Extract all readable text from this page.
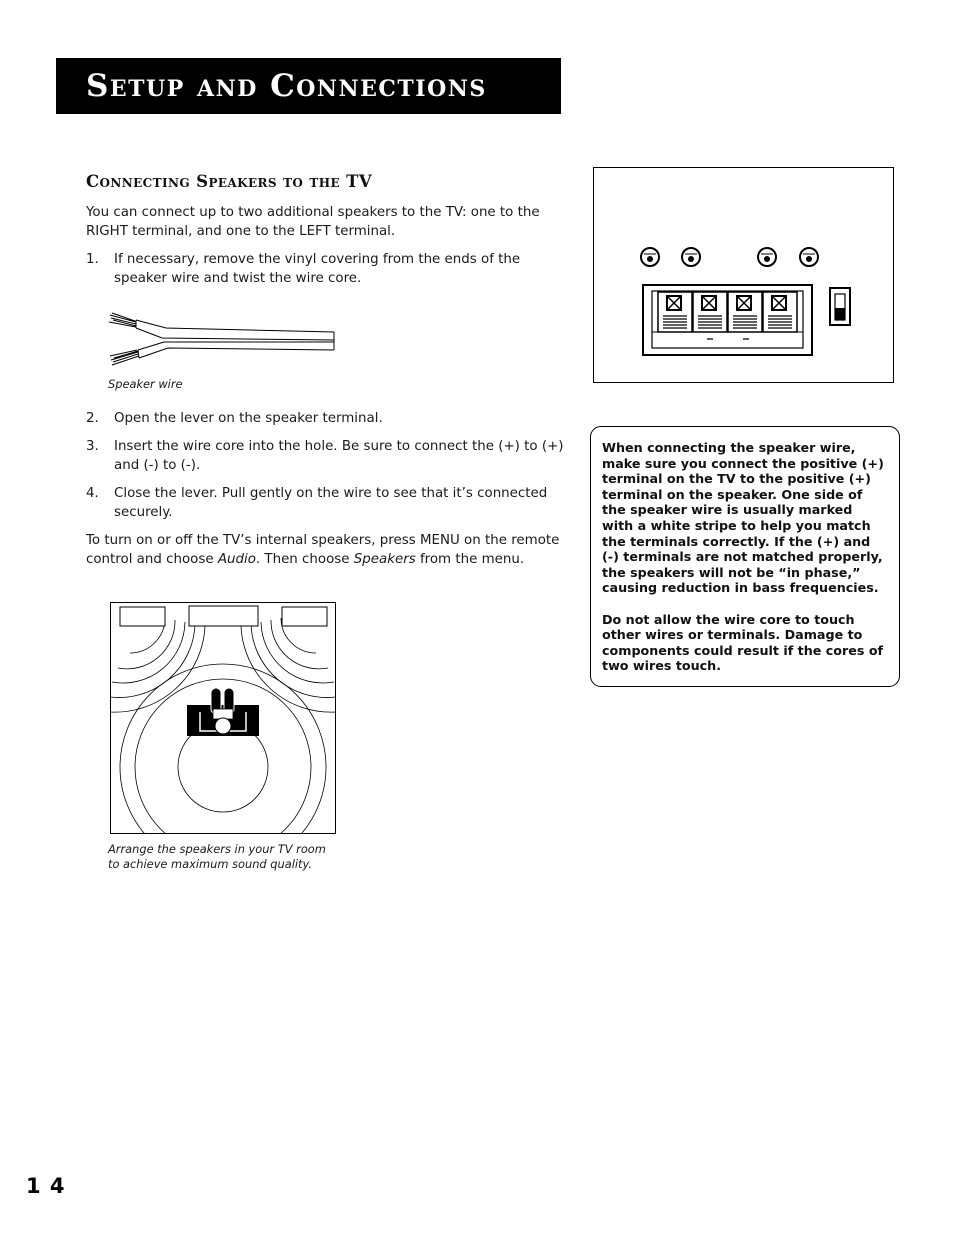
Setup and Connections
Connecting Speakers to the TV
You can connect up to two additional speakers to the TV: one to the RIGHT terminal, and one to the LEFT terminal.
1. If necessary, remove the vinyl covering from the ends of the speaker wire and twist the wire core.
Speaker wire
2. Open the lever on the speaker terminal.
3. Insert the wire core into the hole. Be sure to connect the (+) to (+) and (-) to (-).
4. Close the lever. Pull gently on the wire to see that it’s connected securely.
To turn on or off the TV’s internal speakers, press MENU on the remote control and choose Audio. Then choose Speakers from the menu.
Arrange the speakers in your TV room
to achieve maximum sound quality.

When connecting the speaker wire, make sure you connect the positive (+) terminal on the TV to the positive (+) terminal on the speaker. One side of the speaker wire is usually marked with a white stripe to help you match the terminals correctly. If the (+) and (-) terminals are not matched properly, the speakers will not be “in phase,” causing reduction in bass frequencies.

Do not allow the wire core to touch other wires or terminals. Damage to components could result if the cores of two wires touch.

1 4
